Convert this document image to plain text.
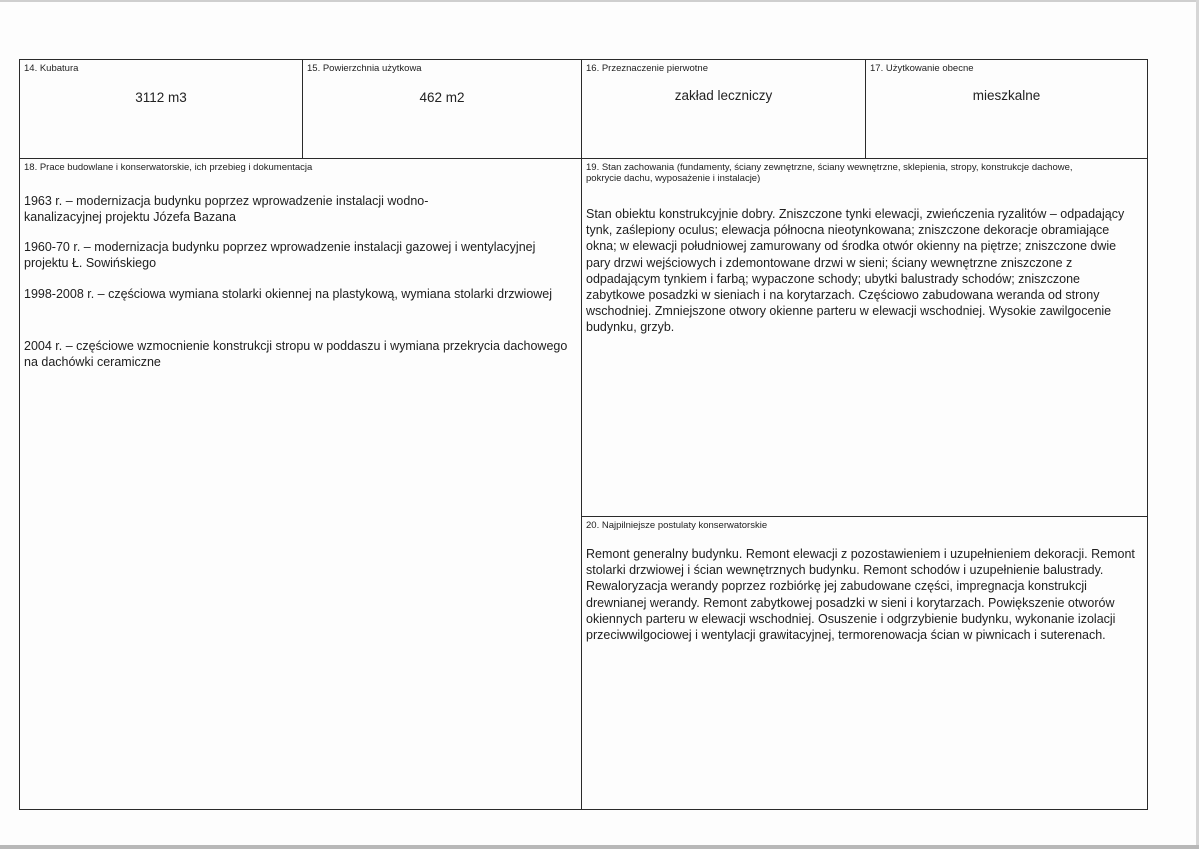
14. Kubatura
3112 m3
15. Powierzchnia użytkowa
462 m2
16. Przeznaczenie pierwotne
zakład leczniczy
17. Użytkowanie obecne
mieszkalne
18. Prace budowlane i konserwatorskie, ich przebieg i dokumentacja

1963 r. – modernizacja budynku poprzez wprowadzenie instalacji wodno-kanalizacyjnej projektu Józefa Bazana

1960-70 r. – modernizacja budynku poprzez wprowadzenie instalacji gazowej i wentylacyjnej projektu Ł. Sowińskiego

1998-2008 r. – częściowa wymiana stolarki okiennej na plastykową, wymiana stolarki drzwiowej

2004 r. – częściowe wzmocnienie konstrukcji stropu w poddaszu i wymiana przekrycia dachowego na dachówki ceramiczne

19. Stan zachowania (fundamenty, ściany zewnętrzne, ściany wewnętrzne, sklepienia, stropy, konstrukcje dachowe, pokrycie dachu, wyposażenie i instalacje)

Stan obiektu konstrukcyjnie dobry. Zniszczone tynki elewacji, zwieńczenia ryzalitów – odpadający tynk, zaślepiony oculus; elewacja północna nieotynkowana; zniszczone dekoracje obramiające okna; w elewacji południowej zamurowany od środka otwór okienny na piętrze; zniszczone dwie pary drzwi wejściowych i zdemontowane drzwi w sieni; ściany wewnętrzne zniszczone z odpadającym tynkiem i farbą; wypaczone schody; ubytki balustrady schodów; zniszczone zabytkowe posadzki w sieniach i na korytarzach. Częściowo zabudowana weranda od strony wschodniej. Zmniejszone otwory okienne parteru w elewacji wschodniej. Wysokie zawilgocenie budynku, grzyb.

20. Najpilniejsze postulaty konserwatorskie

Remont generalny budynku. Remont elewacji z pozostawieniem i uzupełnieniem dekoracji. Remont stolarki drzwiowej i ścian wewnętrznych budynku. Remont schodów i uzupełnienie balustrady. Rewaloryzacja werandy poprzez rozbiórkę jej zabudowane części, impregnacja konstrukcji drewnianej werandy. Remont zabytkowej posadzki w sieni i korytarzach. Powiększenie otworów okiennych parteru w elewacji wschodniej. Osuszenie i odgrzybienie budynku, wykonanie izolacji przeciwwilgociowej i wentylacji grawitacyjnej, termorenowacja ścian w piwnicach i suterenach.
